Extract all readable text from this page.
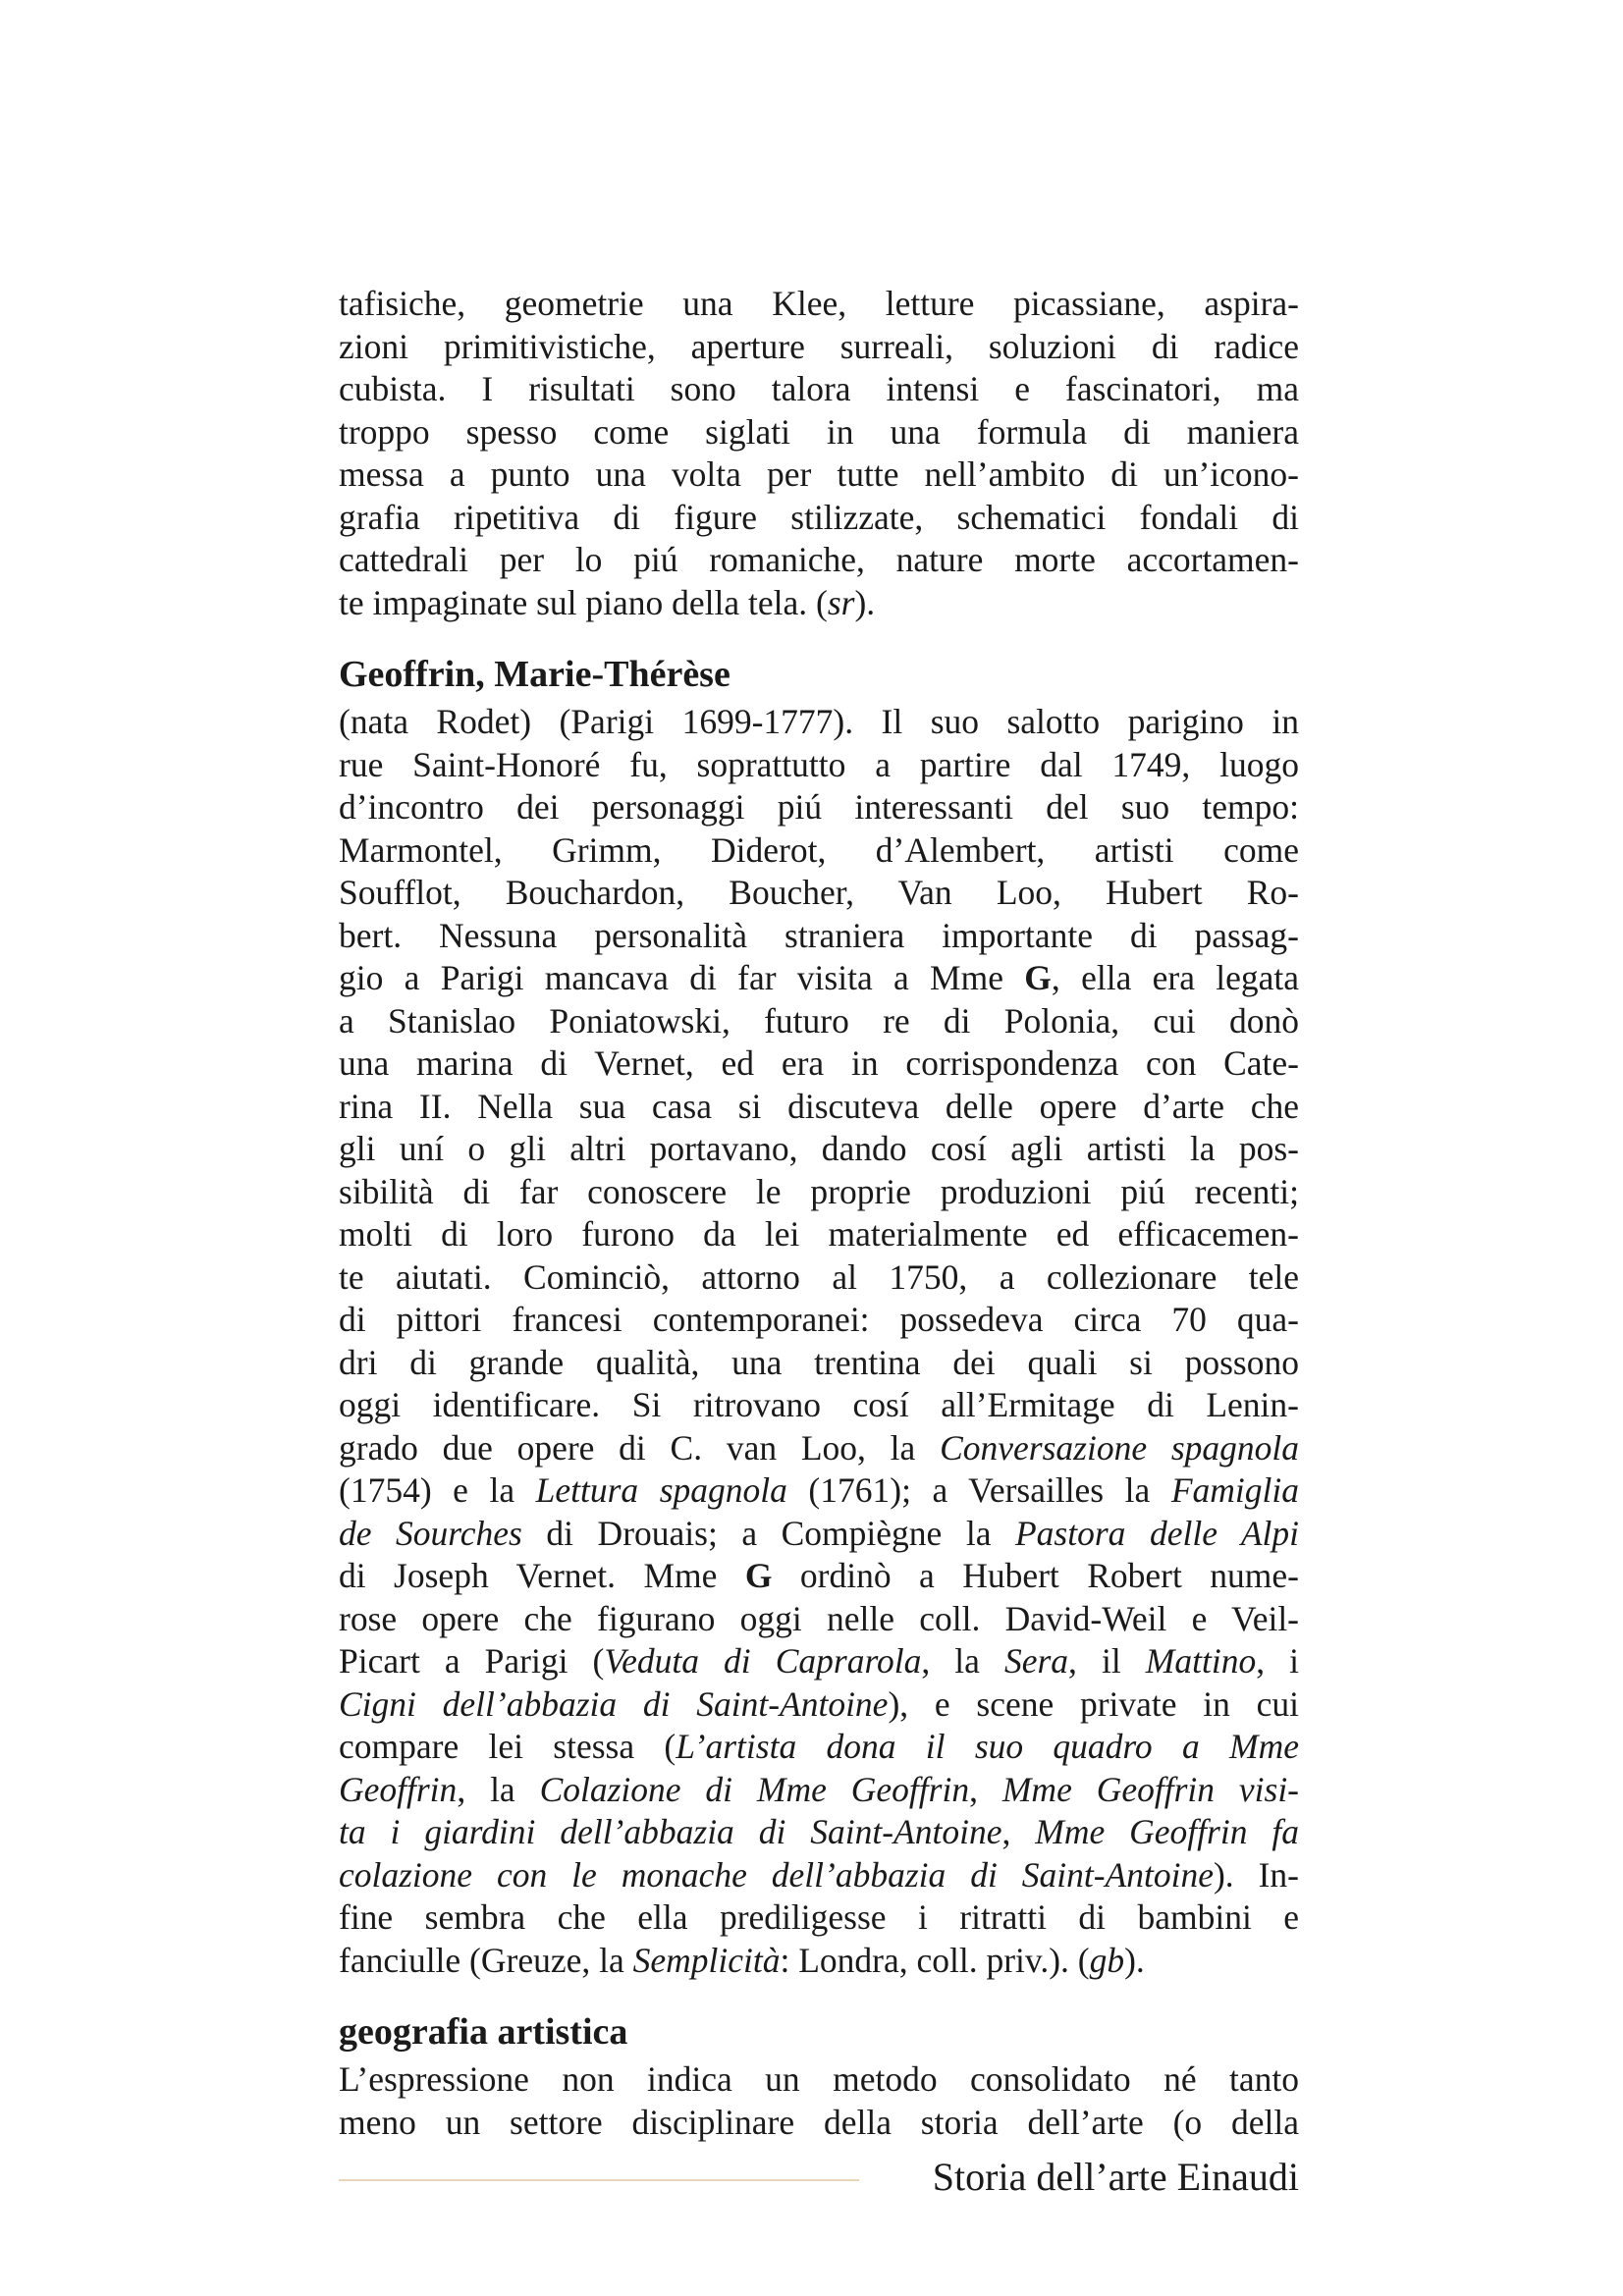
tafisiche, geometrie una Klee, letture picassiane, aspira-
zioni primitivistiche, aperture surreali, soluzioni di radice
cubista. I risultati sono talora intensi e fascinatori, ma
troppo spesso come siglati in una formula di maniera
messa a punto una volta per tutte nell’ambito di un’icono-
grafia ripetitiva di figure stilizzate, schematici fondali di
cattedrali per lo piú romaniche, nature morte accortamen-
te impaginate sul piano della tela. (sr).

Geoffrin, Marie-Thérèse

(nata Rodet) (Parigi 1699-1777). Il suo salotto parigino in
rue Saint-Honoré fu, soprattutto a partire dal 1749, luogo
d’incontro dei personaggi piú interessanti del suo tempo:
Marmontel, Grimm, Diderot, d’Alembert, artisti come
Soufflot, Bouchardon, Boucher, Van Loo, Hubert Ro-
bert. Nessuna personalità straniera importante di passag-
gio a Parigi mancava di far visita a Mme G, ella era legata
a Stanislao Poniatowski, futuro re di Polonia, cui donò
una marina di Vernet, ed era in corrispondenza con Cate-
rina II. Nella sua casa si discuteva delle opere d’arte che
gli uní o gli altri portavano, dando cosí agli artisti la pos-
sibilità di far conoscere le proprie produzioni piú recenti;
molti di loro furono da lei materialmente ed efficacemen-
te aiutati. Cominciò, attorno al 1750, a collezionare tele
di pittori francesi contemporanei: possedeva circa 70 qua-
dri di grande qualità, una trentina dei quali si possono
oggi identificare. Si ritrovano cosí all’Ermitage di Lenin-
grado due opere di C. van Loo, la Conversazione spagnola
(1754) e la Lettura spagnola (1761); a Versailles la Famiglia
de Sourches di Drouais; a Compiègne la Pastora delle Alpi
di Joseph Vernet. Mme G ordinò a Hubert Robert nume-
rose opere che figurano oggi nelle coll. David-Weil e Veil-
Picart a Parigi (Veduta di Caprarola, la Sera, il Mattino, i
Cigni dell’abbazia di Saint-Antoine), e scene private in cui
compare lei stessa (L’artista dona il suo quadro a Mme
Geoffrin, la Colazione di Mme Geoffrin, Mme Geoffrin visi-
ta i giardini dell’abbazia di Saint-Antoine, Mme Geoffrin fa
colazione con le monache dell’abbazia di Saint-Antoine). In-
fine sembra che ella prediligesse i ritratti di bambini e
fanciulle (Greuze, la Semplicità: Londra, coll. priv.). (gb).

geografia artistica

L’espressione non indica un metodo consolidato né tanto
meno un settore disciplinare della storia dell’arte (o della

Storia dell’arte Einaudi
